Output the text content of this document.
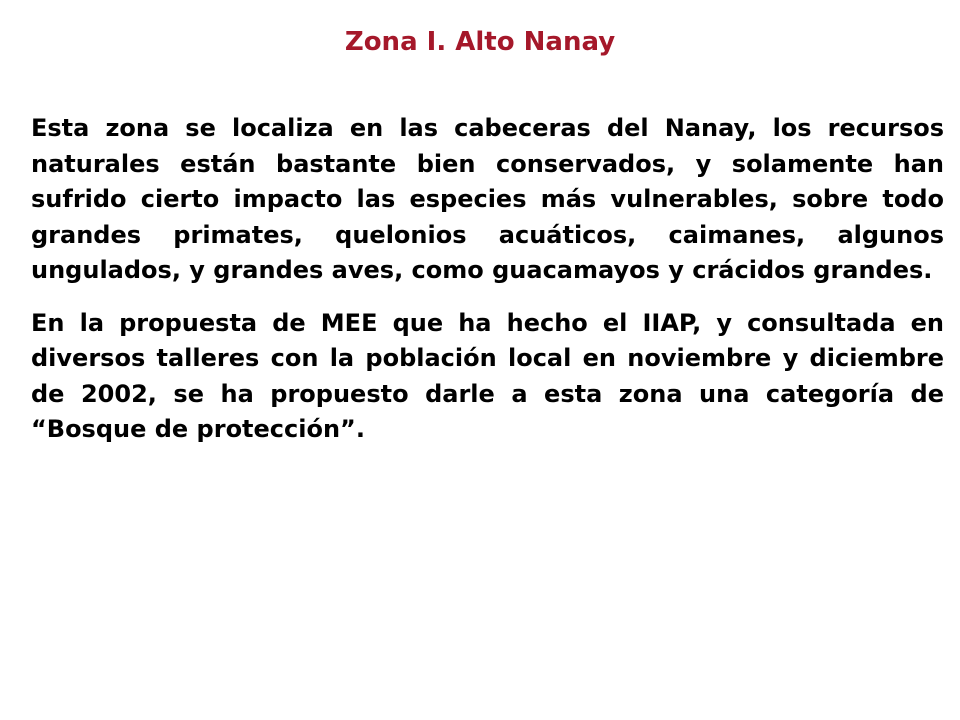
Zona I. Alto Nanay

Esta zona se localiza en las cabeceras del Nanay, los recursos naturales están bastante bien conservados, y solamente han sufrido cierto impacto las especies más vulnerables, sobre todo grandes primates, quelonios acuáticos, caimanes, algunos ungulados, y grandes aves, como guacamayos y crácidos grandes.

En la propuesta de MEE que ha hecho el IIAP, y consultada en diversos talleres con la población local en noviembre y diciembre de 2002, se ha propuesto darle a esta zona una categoría de “Bosque de protección”.
